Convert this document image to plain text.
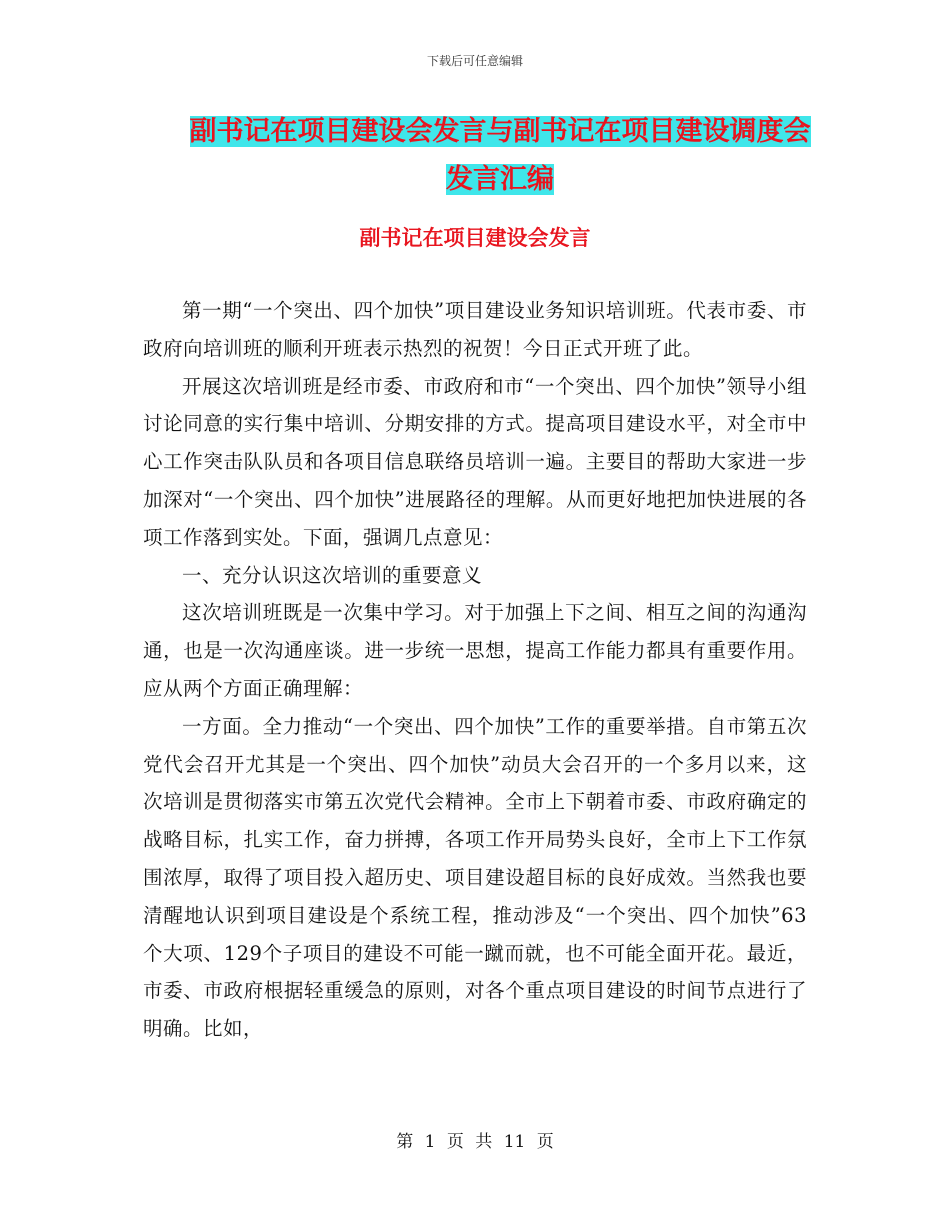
下载后可任意编辑
副书记在项目建设会发言与副书记在项目建设调度会
发言汇编
副书记在项目建设会发言

第一期“一个突出、四个加快”项目建设业务知识培训班。代表市委、市政府向培训班的顺利开班表示热烈的祝贺！今日正式开班了此。

开展这次培训班是经市委、市政府和市“一个突出、四个加快”领导小组讨论同意的实行集中培训、分期安排的方式。提高项目建设水平，对全市中心工作突击队队员和各项目信息联络员培训一遍。主要目的帮助大家进一步加深对“一个突出、四个加快”进展路径的理解。从而更好地把加快进展的各项工作落到实处。下面，强调几点意见：

一、充分认识这次培训的重要意义

这次培训班既是一次集中学习。对于加强上下之间、相互之间的沟通沟通，也是一次沟通座谈。进一步统一思想，提高工作能力都具有重要作用。应从两个方面正确理解：

一方面。全力推动“一个突出、四个加快”工作的重要举措。自市第五次党代会召开尤其是一个突出、四个加快”动员大会召开的一个多月以来，这次培训是贯彻落实市第五次党代会精神。全市上下朝着市委、市政府确定的战略目标，扎实工作，奋力拼搏，各项工作开局势头良好，全市上下工作氛围浓厚，取得了项目投入超历史、项目建设超目标的良好成效。当然我也要清醒地认识到项目建设是个系统工程，推动涉及“一个突出、四个加快”63个大项、129个子项目的建设不可能一蹴而就，也不可能全面开花。最近，市委、市政府根据轻重缓急的原则，对各个重点项目建设的时间节点进行了明确。比如，

第 1 页 共 11 页
